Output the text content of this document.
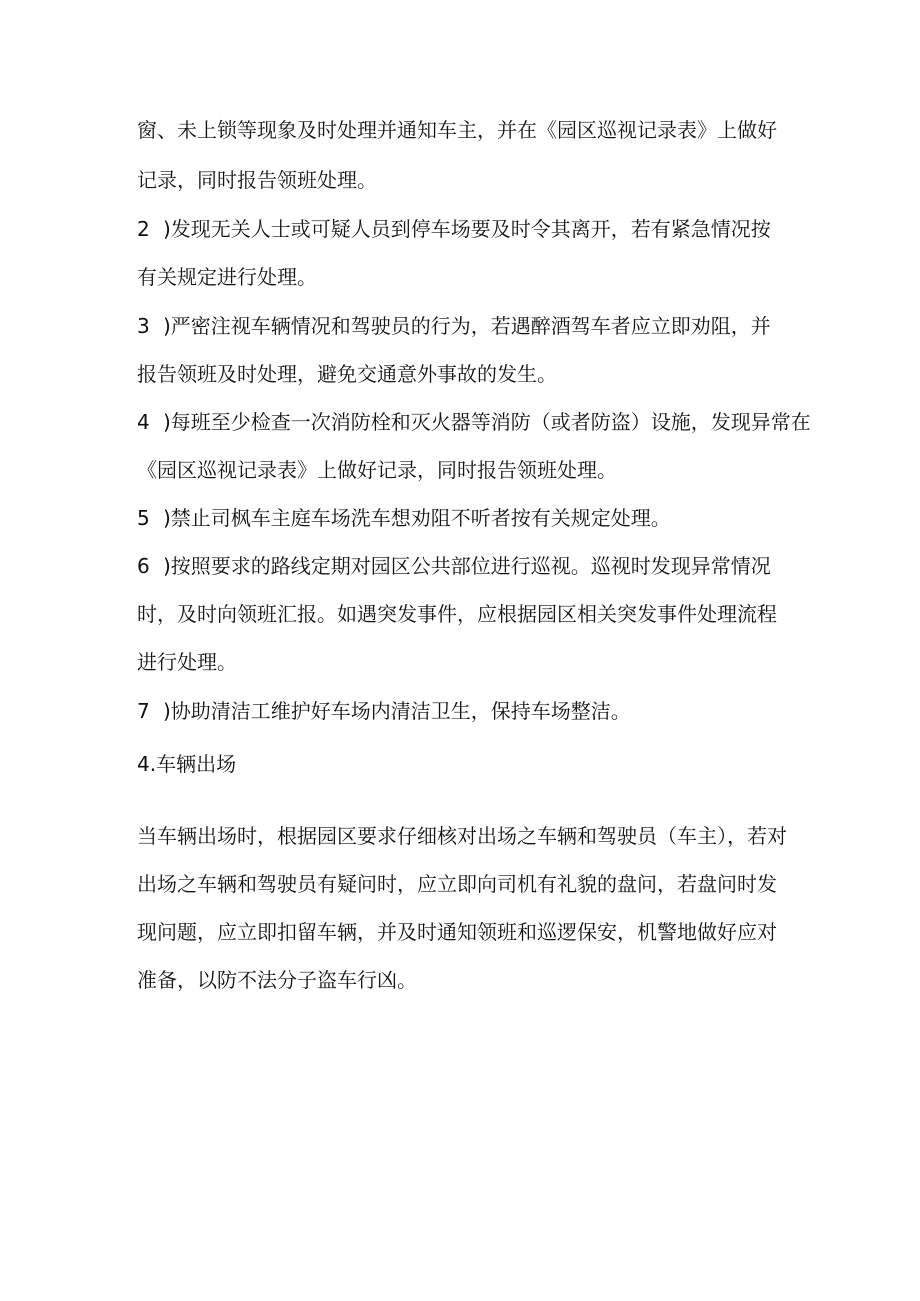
窗、未上锁等现象及时处理并通知车主，并在《园区巡视记录表》上做好
记录，同时报告领班处理。
2 )发现无关人士或可疑人员到停车场要及时令其离开，若有紧急情况按
有关规定进行处理。
3 )严密注视车辆情况和驾驶员的行为，若遇醉酒驾车者应立即劝阻，并
报告领班及时处理，避免交通意外事故的发生。
4 )每班至少检查一次消防栓和灭火器等消防（或者防盗）设施，发现异常在
《园区巡视记录表》上做好记录，同时报告领班处理。
5 )禁止司枫车主庭车场洗车想劝阻不听者按有关规定处理。
6 )按照要求的路线定期对园区公共部位进行巡视。巡视时发现异常情况
时，及时向领班汇报。如遇突发事件，应根据园区相关突发事件处理流程
进行处理。
7 )协助清洁工维护好车场内清洁卫生，保持车场整洁。
4.车辆出场
当车辆出场时，根据园区要求仔细核对出场之车辆和驾驶员（车主），若对
出场之车辆和驾驶员有疑问时，应立即向司机有礼貌的盘问，若盘问时发
现问题，应立即扣留车辆，并及时通知领班和巡逻保安，机警地做好应对
准备，以防不法分子盗车行凶。
